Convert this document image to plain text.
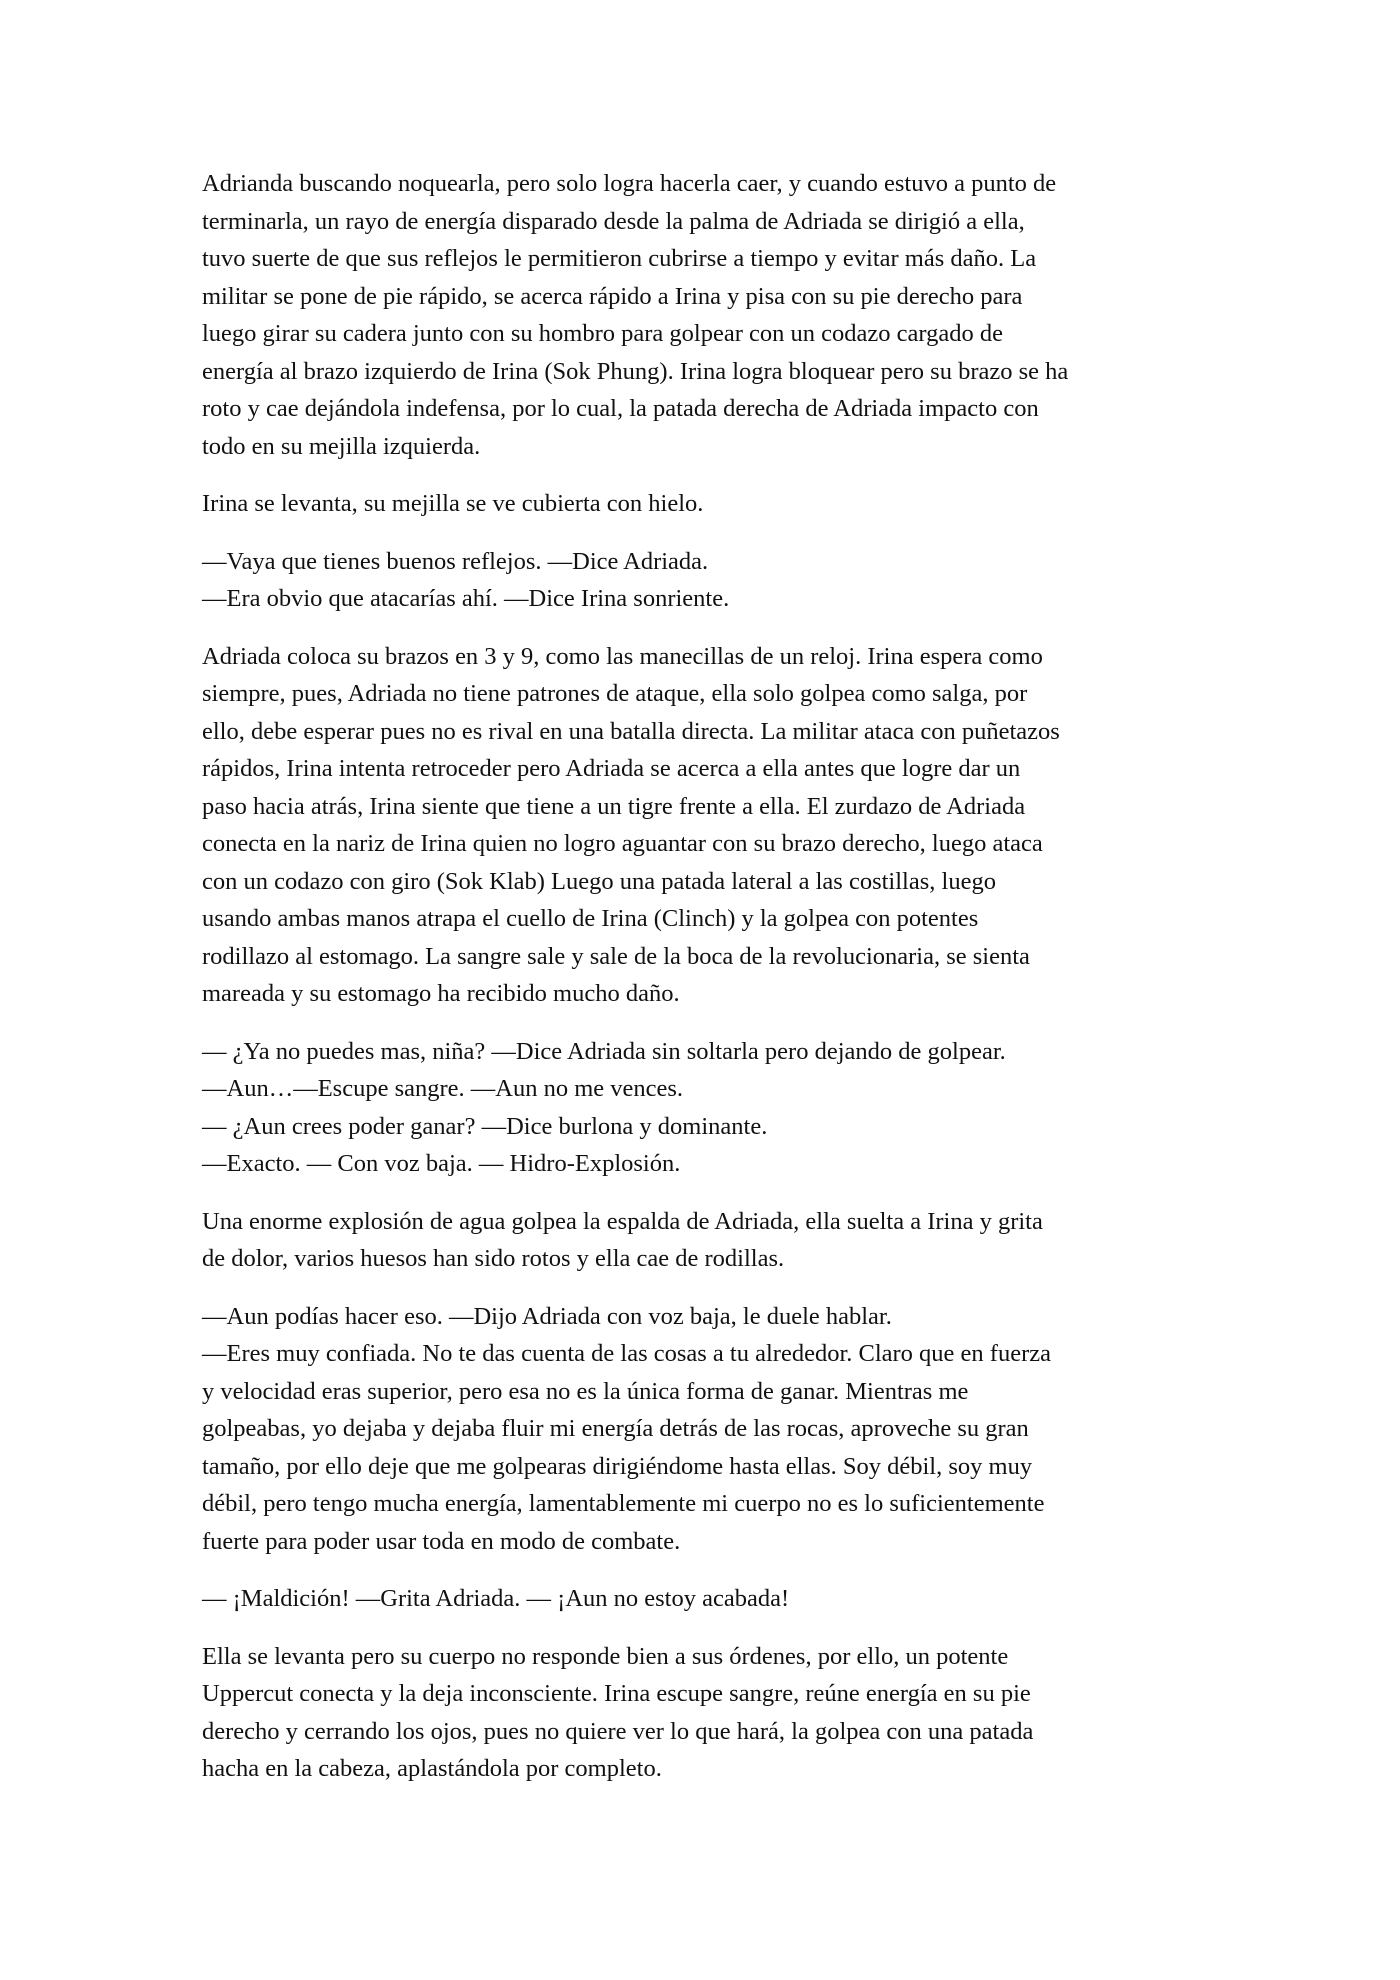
Adrianda buscando noquearla, pero solo logra hacerla caer, y cuando estuvo a punto de
terminarla, un rayo de energía disparado desde la palma de Adriada se dirigió a ella,
tuvo suerte de que sus reflejos le permitieron cubrirse a tiempo y evitar más daño. La
militar se pone de pie rápido, se acerca rápido a Irina y pisa con su pie derecho para
luego girar su cadera junto con su hombro para golpear con un codazo cargado de
energía al brazo izquierdo de Irina (Sok Phung). Irina logra bloquear pero su brazo se ha
roto y cae dejándola indefensa, por lo cual, la patada derecha de Adriada impacto con
todo en su mejilla izquierda.
Irina se levanta, su mejilla se ve cubierta con hielo.
—Vaya que tienes buenos reflejos. —Dice Adriada.
—Era obvio que atacarías ahí. —Dice Irina sonriente.
Adriada coloca su brazos en 3 y 9, como las manecillas de un reloj. Irina espera como
siempre, pues, Adriada no tiene patrones de ataque, ella solo golpea como salga, por
ello, debe esperar pues no es rival en una batalla directa. La militar ataca con puñetazos
rápidos, Irina intenta retroceder pero Adriada se acerca a ella antes que logre dar un
paso hacia atrás, Irina siente que tiene a un tigre frente a ella. El zurdazo de Adriada
conecta en la nariz de Irina quien no logro aguantar con su brazo derecho, luego ataca
con un codazo con giro (Sok Klab) Luego una patada lateral a las costillas, luego
usando ambas manos atrapa el cuello de Irina (Clinch) y la golpea con potentes
rodillazo al estomago. La sangre sale y sale de la boca de la revolucionaria, se sienta
mareada y su estomago ha recibido mucho daño.
— ¿Ya no puedes mas, niña? —Dice Adriada sin soltarla pero dejando de golpear.
—Aun…—Escupe sangre. —Aun no me vences.
— ¿Aun crees poder ganar? —Dice burlona y dominante.
—Exacto. — Con voz baja. — Hidro-Explosión.
Una enorme explosión de agua golpea la espalda de Adriada, ella suelta a Irina y grita
de dolor, varios huesos han sido rotos y ella cae de rodillas.
—Aun podías hacer eso. —Dijo Adriada con voz baja, le duele hablar.
—Eres muy confiada. No te das cuenta de las cosas a tu alrededor. Claro que en fuerza
y velocidad eras superior, pero esa no es la única forma de ganar. Mientras me
golpeabas, yo dejaba y dejaba fluir mi energía detrás de las rocas, aproveche su gran
tamaño, por ello deje que me golpearas dirigiéndome hasta ellas. Soy débil, soy muy
débil, pero tengo mucha energía, lamentablemente mi cuerpo no es lo suficientemente
fuerte para poder usar toda en modo de combate.
— ¡Maldición! —Grita Adriada. — ¡Aun no estoy acabada!
Ella se levanta pero su cuerpo no responde bien a sus órdenes, por ello, un potente
Uppercut conecta y la deja inconsciente. Irina escupe sangre, reúne energía en su pie
derecho y cerrando los ojos, pues no quiere ver lo que hará, la golpea con una patada
hacha en la cabeza, aplastándola por completo.
